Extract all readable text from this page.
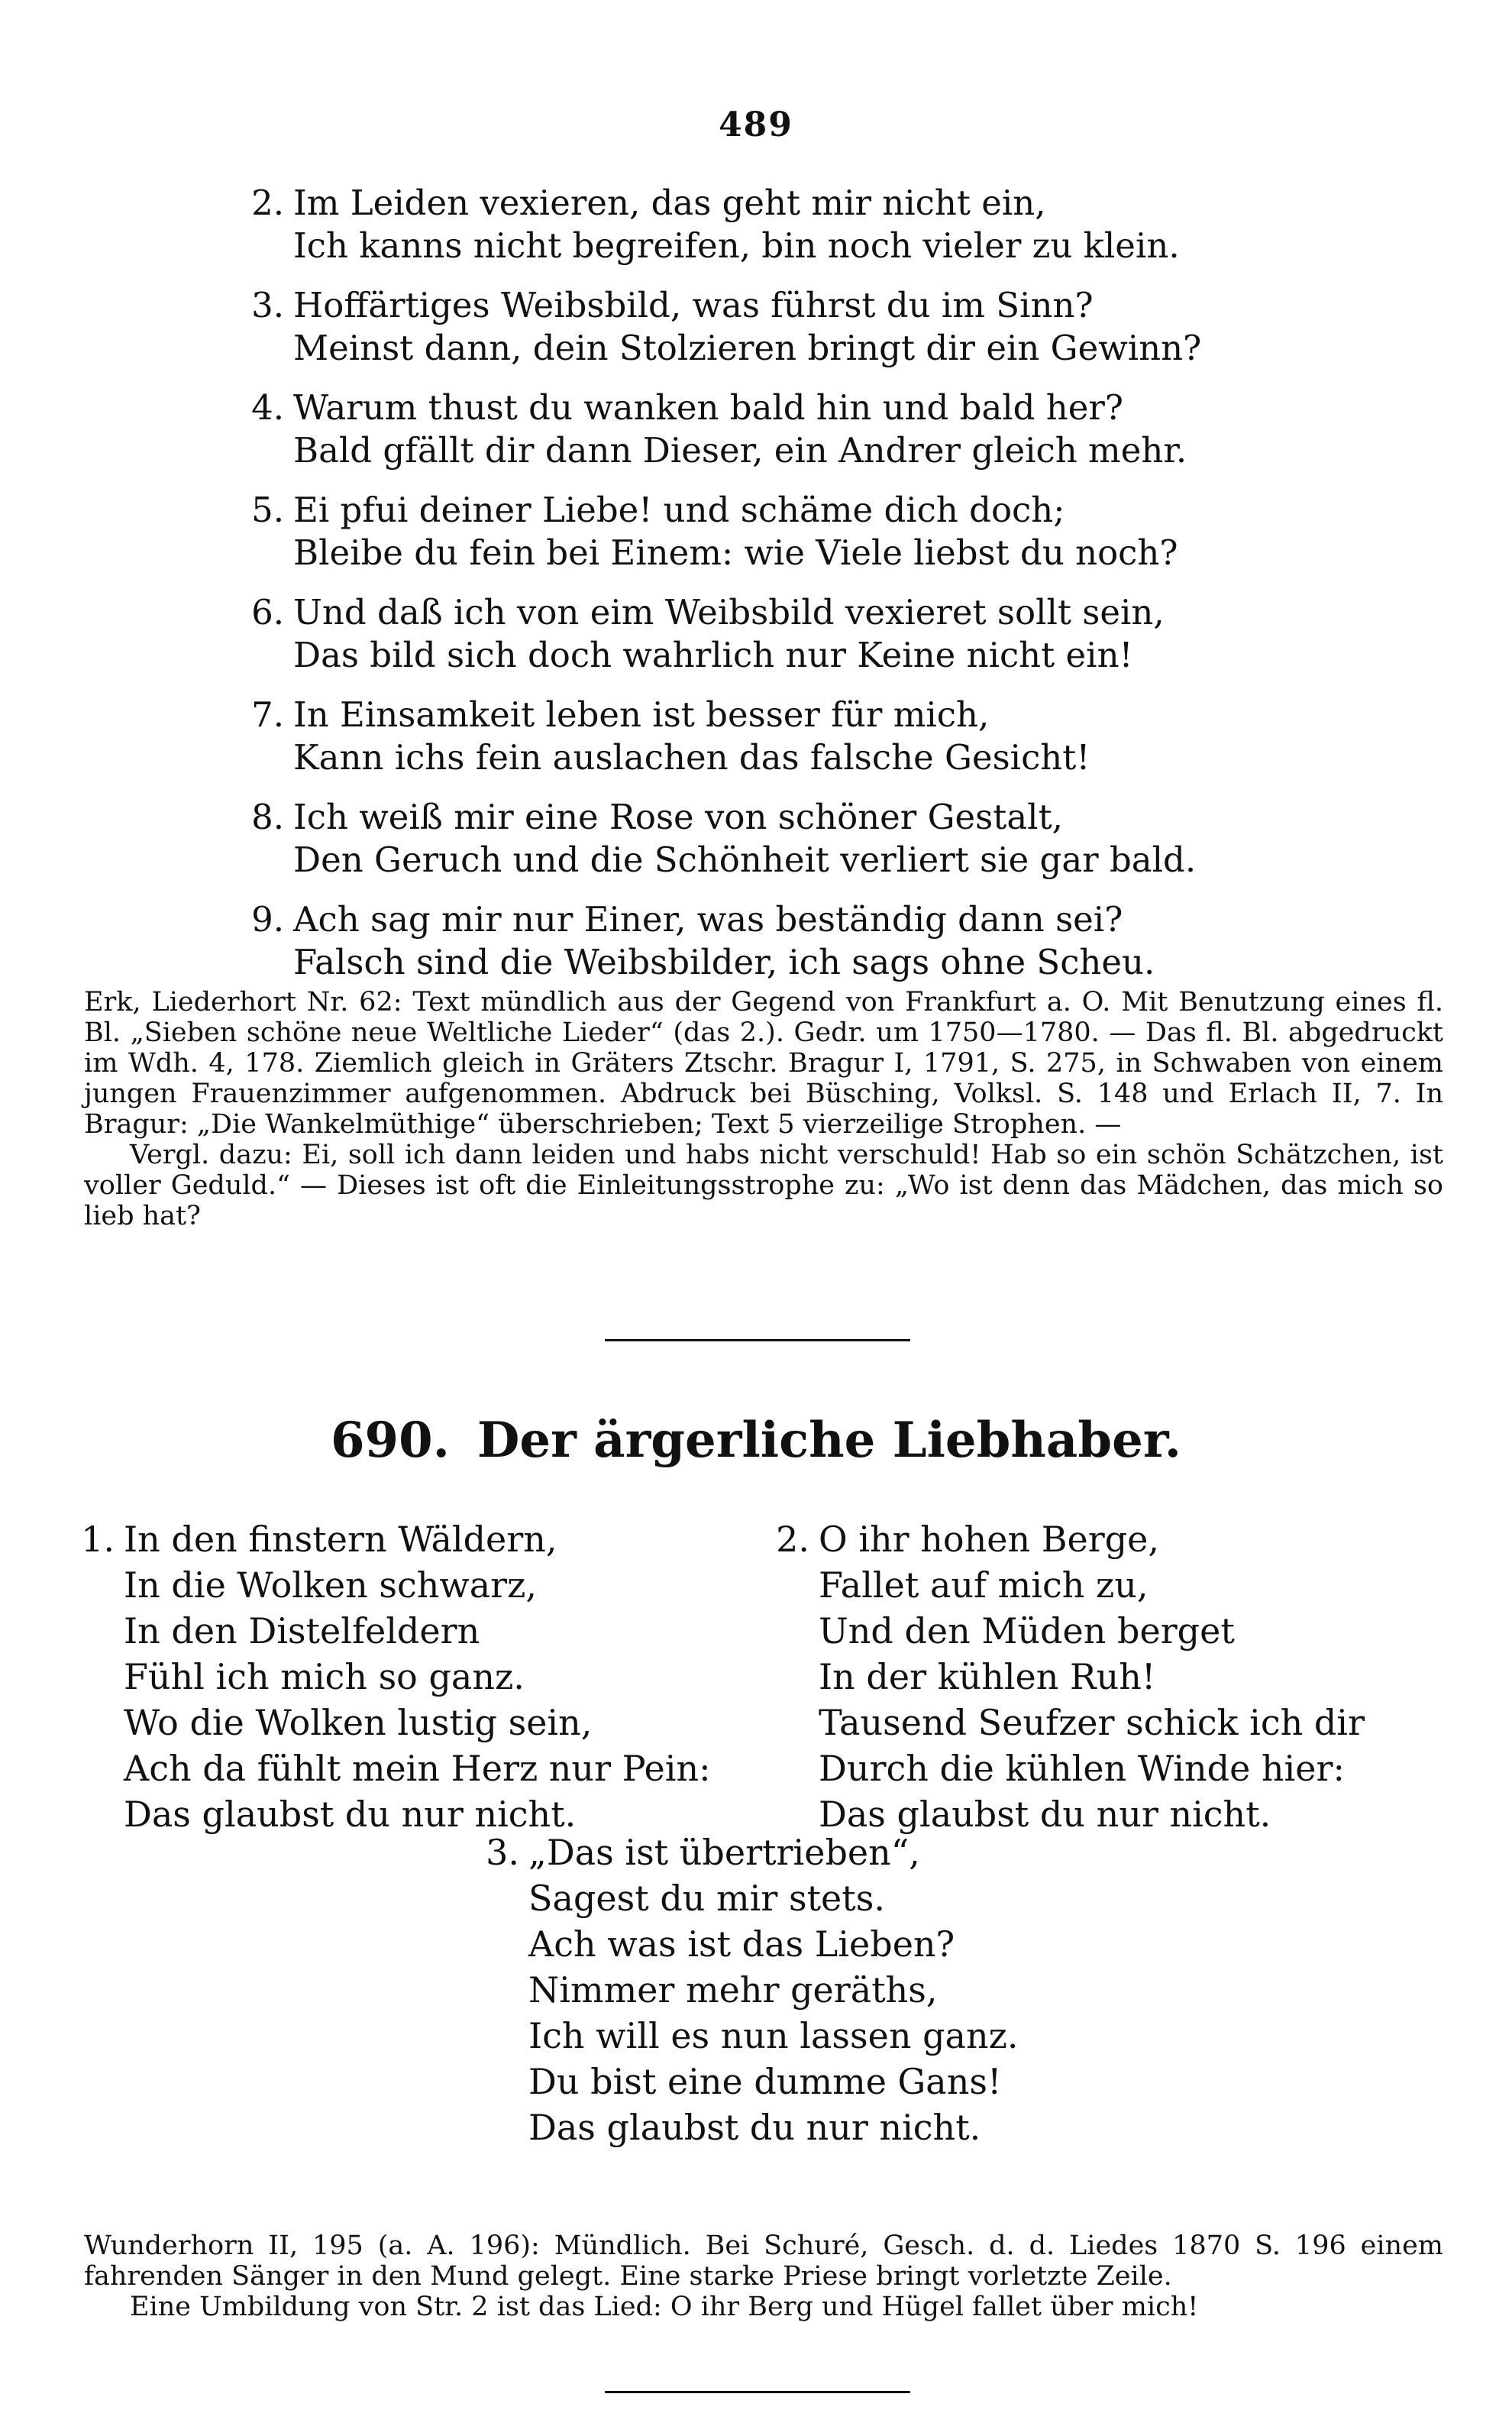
489
2. Im Leiden vexieren, das geht mir nicht ein,
Ich kanns nicht begreifen, bin noch vieler zu klein.
3. Hoffärtiges Weibsbild, was führst du im Sinn?
Meinst dann, dein Stolzieren bringt dir ein Gewinn?
4. Warum thust du wanken bald hin und bald her?
Bald gfällt dir dann Dieser, ein Andrer gleich mehr.
5. Ei pfui deiner Liebe! und schäme dich doch;
Bleibe du fein bei Einem: wie Viele liebst du noch?
6. Und daß ich von eim Weibsbild vexieret sollt sein,
Das bild sich doch wahrlich nur Keine nicht ein!
7. In Einsamkeit leben ist besser für mich,
Kann ichs fein auslachen das falsche Gesicht!
8. Ich weiß mir eine Rose von schöner Gestalt,
Den Geruch und die Schönheit verliert sie gar bald.
9. Ach sag mir nur Einer, was beständig dann sei?
Falsch sind die Weibsbilder, ich sags ohne Scheu.

Erk, Liederhort Nr. 62: Text mündlich aus der Gegend von Frankfurt a. O. Mit Benutzung eines fl. Bl. „Sieben schöne neue Weltliche Lieder“ (das 2.). Gedr. um 1750—1780. — Das fl. Bl. abgedruckt im Wdh. 4, 178. Ziemlich gleich in Gräters Ztschr. Bragur I, 1791, S. 275, in Schwaben von einem jungen Frauenzimmer aufgenommen. Abdruck bei Büsching, Volksl. S. 148 und Erlach II, 7. In Bragur: „Die Wankelmüthige“ überschrieben; Text 5 vierzeilige Strophen. —

Vergl. dazu: Ei, soll ich dann leiden und habs nicht verschuld! Hab so ein schön Schätzchen, ist voller Geduld.“ — Dieses ist oft die Einleitungsstrophe zu: „Wo ist denn das Mädchen, das mich so lieb hat?

690. Der ärgerliche Liebhaber.
1. In den finstern Wäldern,
In die Wolken schwarz,
In den Distelfeldern
Fühl ich mich so ganz.
Wo die Wolken lustig sein,
Ach da fühlt mein Herz nur Pein:
Das glaubst du nur nicht.
2. O ihr hohen Berge,
Fallet auf mich zu,
Und den Müden berget
In der kühlen Ruh!
Tausend Seufzer schick ich dir
Durch die kühlen Winde hier:
Das glaubst du nur nicht.
3. „Das ist übertrieben“,
Sagest du mir stets.
Ach was ist das Lieben?
Nimmer mehr geräths,
Ich will es nun lassen ganz.
Du bist eine dumme Gans!
Das glaubst du nur nicht.

Wunderhorn II, 195 (a. A. 196): Mündlich. Bei Schuré, Gesch. d. d. Liedes 1870 S. 196 einem fahrenden Sänger in den Mund gelegt. Eine starke Priese bringt vorletzte Zeile.

Eine Umbildung von Str. 2 ist das Lied: O ihr Berg und Hügel fallet über mich!
